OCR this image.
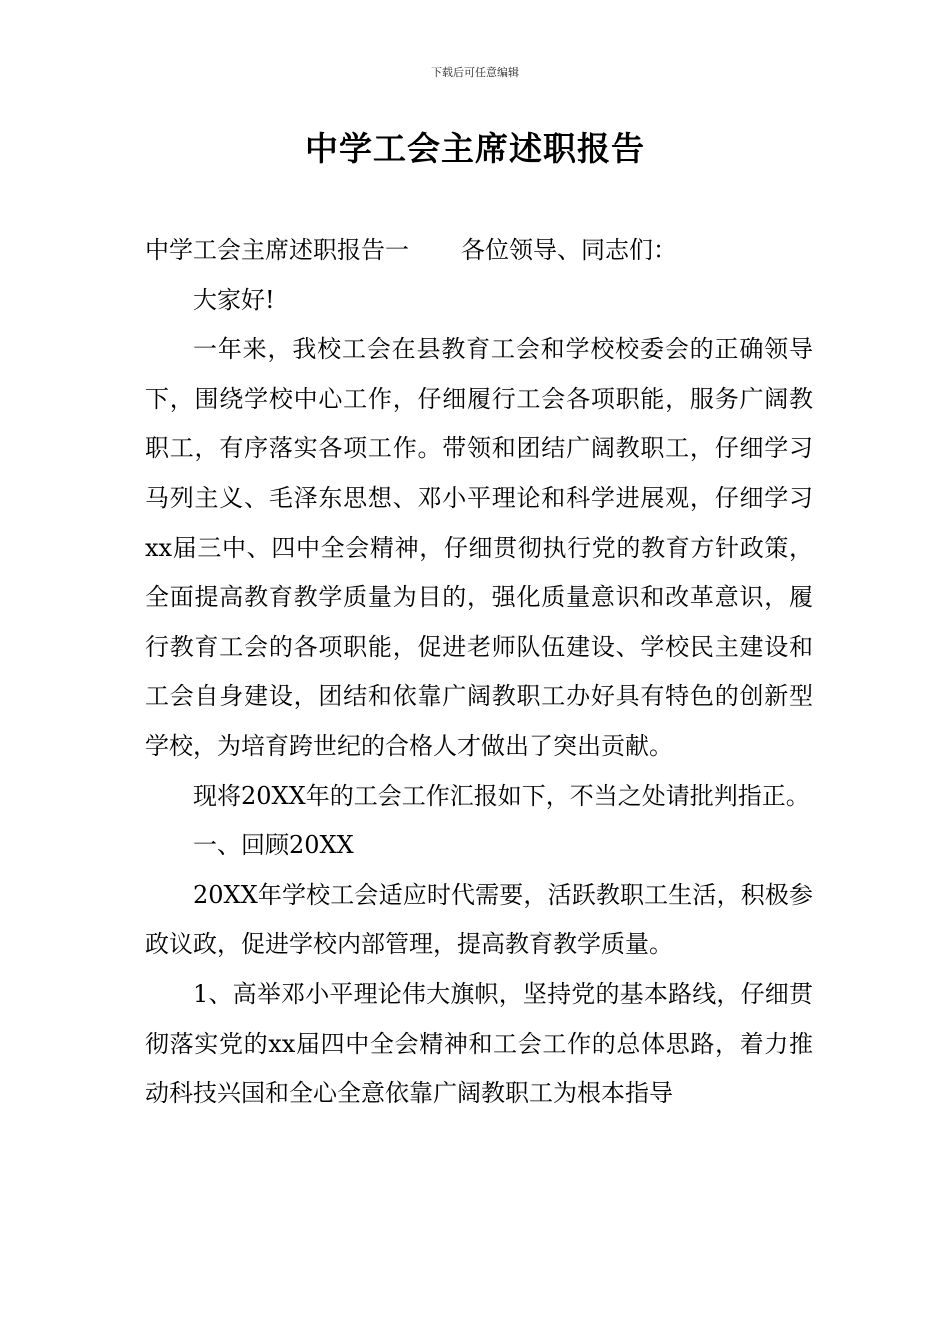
下载后可任意编辑
中学工会主席述职报告

中学工会主席述职报告一 各位领导、同志们：

大家好!

一年来，我校工会在县教育工会和学校校委会的正确领导下，围绕学校中心工作，仔细履行工会各项职能，服务广阔教职工，有序落实各项工作。带领和团结广阔教职工，仔细学习马列主义、毛泽东思想、邓小平理论和科学进展观，仔细学习xx届三中、四中全会精神，仔细贯彻执行党的教育方针政策，全面提高教育教学质量为目的，强化质量意识和改革意识，履行教育工会的各项职能，促进老师队伍建设、学校民主建设和工会自身建设，团结和依靠广阔教职工办好具有特色的创新型学校，为培育跨世纪的合格人才做出了突出贡献。

现将20XX年的工会工作汇报如下，不当之处请批判指正。

一、回顾20XX

20XX年学校工会适应时代需要，活跃教职工生活，积极参政议政，促进学校内部管理，提高教育教学质量。

1、高举邓小平理论伟大旗帜，坚持党的基本路线，仔细贯彻落实党的xx届四中全会精神和工会工作的总体思路，着力推动科技兴国和全心全意依靠广阔教职工为根本指导
